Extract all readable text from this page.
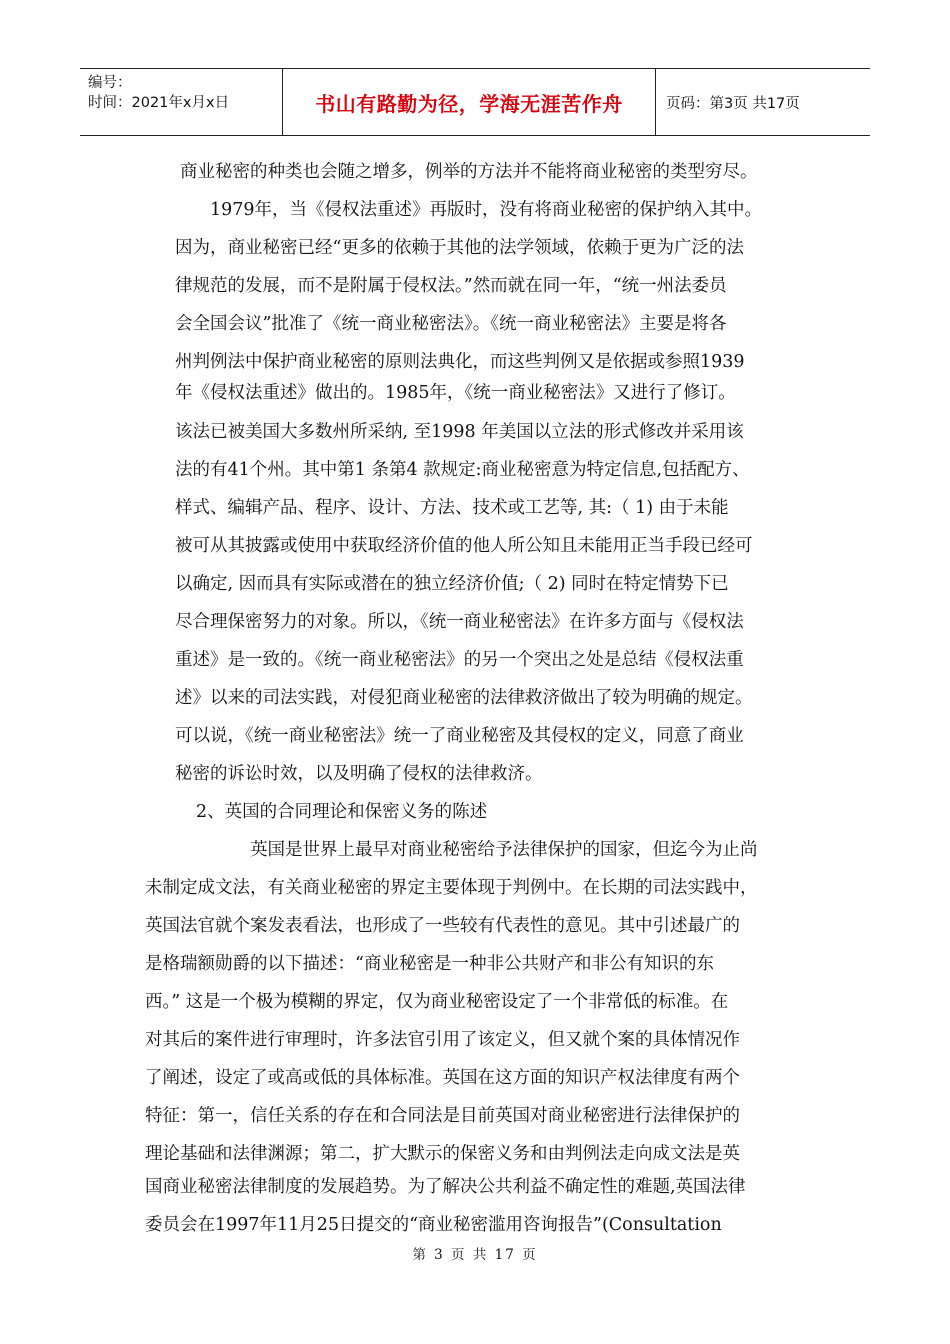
编号：
时间：2021年x月x日	书山有路勤为径，学海无涯苦作舟	页码：第3页 共17页
商业秘密的种类也会随之增多，例举的方法并不能将商业秘密的类型穷尽。
1979年，当《侵权法重述》再版时，没有将商业秘密的保护纳入其中。
因为，商业秘密已经“更多的依赖于其他的法学领域，依赖于更为广泛的法
律规范的发展，而不是附属于侵权法。”然而就在同一年，“统一州法委员
会全国会议”批准了《统一商业秘密法》。《统一商业秘密法》主要是将各
州判例法中保护商业秘密的原则法典化，而这些判例又是依据或参照1939
年《侵权法重述》做出的。1985年，《统一商业秘密法》又进行了修订。
该法已被美国大多数州所采纳, 至1998 年美国以立法的形式修改并采用该
法的有41个州。其中第1 条第4 款规定:商业秘密意为特定信息,包括配方、
样式、编辑产品、程序、设计、方法、技术或工艺等, 其:（ 1) 由于未能
被可从其披露或使用中获取经济价值的他人所公知且未能用正当手段已经可
以确定, 因而具有实际或潜在的独立经济价值;（ 2) 同时在特定情势下已
尽合理保密努力的对象。所以，《统一商业秘密法》在许多方面与《侵权法
重述》是一致的。《统一商业秘密法》的另一个突出之处是总结《侵权法重
述》以来的司法实践，对侵犯商业秘密的法律救济做出了较为明确的规定。
可以说，《统一商业秘密法》统一了商业秘密及其侵权的定义，同意了商业
秘密的诉讼时效，以及明确了侵权的法律救济。
2、英国的合同理论和保密义务的陈述
英国是世界上最早对商业秘密给予法律保护的国家，但迄今为止尚
未制定成文法，有关商业秘密的界定主要体现于判例中。在长期的司法实践中，
英国法官就个案发表看法，也形成了一些较有代表性的意见。其中引述最广的
是格瑞额勋爵的以下描述：“商业秘密是一种非公共财产和非公有知识的东
西。” 这是一个极为模糊的界定，仅为商业秘密设定了一个非常低的标准。在
对其后的案件进行审理时，许多法官引用了该定义，但又就个案的具体情况作
了阐述，设定了或高或低的具体标准。英国在这方面的知识产权法律度有两个
特征：第一，信任关系的存在和合同法是目前英国对商业秘密进行法律保护的
理论基础和法律渊源；第二，扩大默示的保密义务和由判例法走向成文法是英
国商业秘密法律制度的发展趋势。为了解决公共利益不确定性的难题,英国法律
委员会在1997年11月25日提交的“商业秘密滥用咨询报告”(Consultation
第 3 页 共 17 页
